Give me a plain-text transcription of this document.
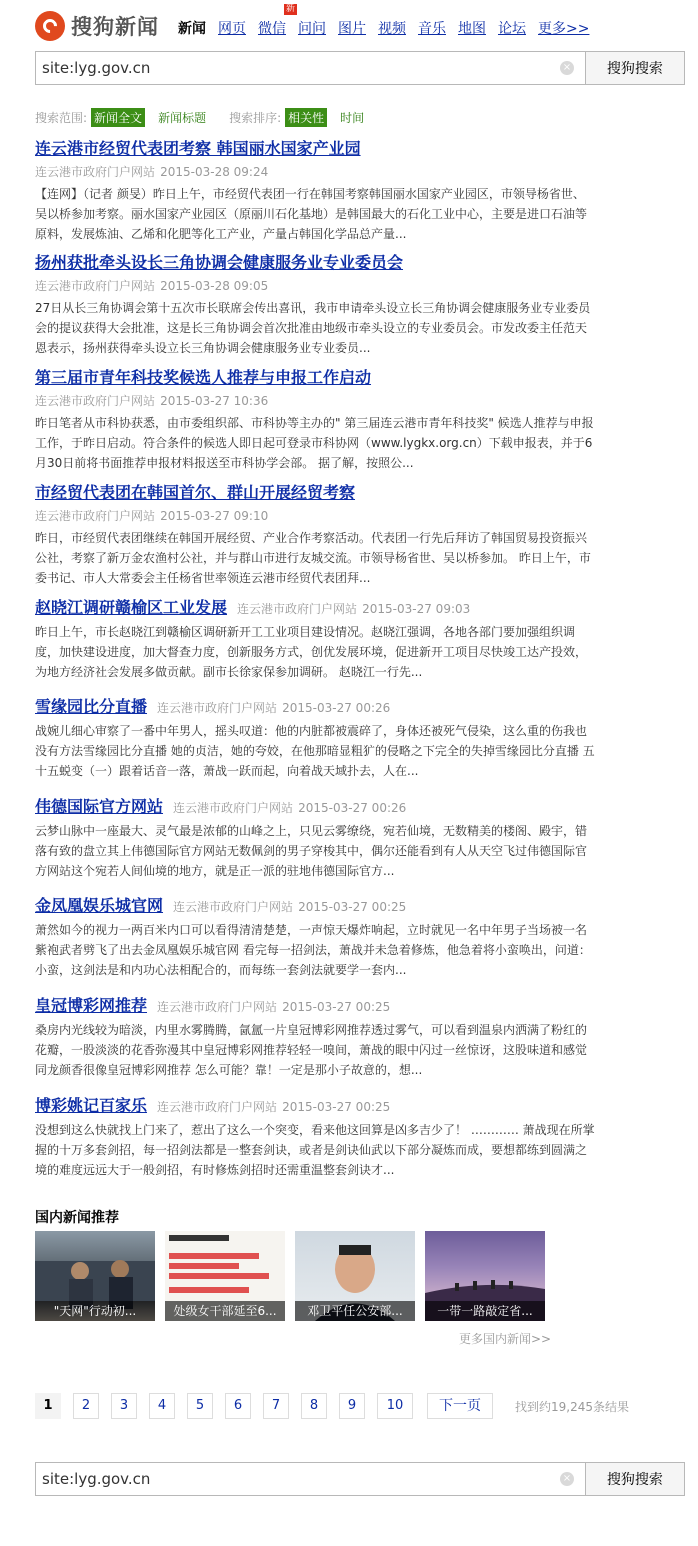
搜狗新闻 新闻 网页 微信
新
问问 图片 视频 音乐 地图 论坛 更多>>
site:lyg.gov.cn
×	搜狗搜索
搜索范围: 新闻全文 新闻标题 搜索排序: 相关性 时间
连云港市经贸代表团考察 韩国丽水国家产业园
连云港市政府门户网站 2015-03-28 09:24
【连网】（记者 颜旻）昨日上午，市经贸代表团一行在韩国考察韩国丽水国家产业园区，市领导杨省世、吴以桥参加考察。丽水国家产业园区（原丽川石化基地）是韩国最大的石化工业中心，主要是进口石油等原料，发展炼油、乙烯和化肥等化工产业，产量占韩国化学品总产量...
扬州获批牵头设长三角协调会健康服务业专业委员会
连云港市政府门户网站 2015-03-28 09:05
27日从长三角协调会第十五次市长联席会传出喜讯，我市申请牵头设立长三角协调会健康服务业专业委员会的提议获得大会批准，这是长三角协调会首次批准由地级市牵头设立的专业委员会。市发改委主任范天恩表示，扬州获得牵头设立长三角协调会健康服务业专业委员...
第三届市青年科技奖候选人推荐与申报工作启动
连云港市政府门户网站 2015-03-27 10:36
昨日笔者从市科协获悉，由市委组织部、市科协等主办的" 第三届连云港市青年科技奖" 候选人推荐与申报工作，于昨日启动。符合条件的候选人即日起可登录市科协网（www.lygkx.org.cn）下载申报表，并于6月30日前将书面推荐申报材料报送至市科协学会部。 据了解，按照公...
市经贸代表团在韩国首尔、群山开展经贸考察
连云港市政府门户网站 2015-03-27 09:10
昨日，市经贸代表团继续在韩国开展经贸、产业合作考察活动。代表团一行先后拜访了韩国贸易投资振兴公社，考察了新万金农渔村公社，并与群山市进行友城交流。市领导杨省世、吴以桥参加。 昨日上午，市委书记、市人大常委会主任杨省世率领连云港市经贸代表团拜...
赵晓江调研赣榆区工业发展 连云港市政府门户网站 2015-03-27 09:03
昨日上午，市长赵晓江到赣榆区调研新开工工业项目建设情况。赵晓江强调，各地各部门要加强组织调度，加快建设进度，加大督查力度，创新服务方式，创优发展环境，促进新开工项目尽快竣工达产投效，为地方经济社会发展多做贡献。副市长徐家保参加调研。 赵晓江一行先...
雪缘园比分直播 连云港市政府门户网站 2015-03-27 00:26
战婉儿细心审察了一番中年男人，摇头叹道：他的内脏都被震碎了，身体还被死气侵染，这么重的伤我也没有方法雪缘园比分直播 她的贞洁，她的夸姣，在他那暗显粗犷的侵略之下完全的失掉雪缘园比分直播 五十五蜕变（一）跟着话音一落，萧战一跃而起，向着战天域扑去，人在...
伟德国际官方网站 连云港市政府门户网站 2015-03-27 00:26
云梦山脉中一座最大、灵气最是浓郁的山峰之上，只见云雾缭绕，宛若仙境，无数精美的楼阁、殿宇，错落有致的盘立其上伟德国际官方网站无数佩剑的男子穿梭其中，偶尔还能看到有人从天空飞过伟德国际官方网站这个宛若人间仙境的地方，就是正一派的驻地伟德国际官方...
金凤凰娱乐城官网 连云港市政府门户网站 2015-03-27 00:25
萧然如今的视力一两百米内口可以看得清清楚楚，一声惊天爆炸响起，立时就见一名中年男子当场被一名紫袍武者劈飞了出去金凤凰娱乐城官网 看完每一招剑法，萧战并未急着修炼，他急着将小蛮唤出，问道：小蛮，这剑法是和内功心法相配合的，而每练一套剑法就要学一套内...
皇冠博彩网推荐 连云港市政府门户网站 2015-03-27 00:25
桑房内光线较为暗淡，内里水雾腾腾，氤氲一片皇冠博彩网推荐透过雾气，可以看到温泉内洒满了粉红的花瓣，一股淡淡的花香弥漫其中皇冠博彩网推荐轻轻一嗅间，萧战的眼中闪过一丝惊讶，这股味道和感觉同龙颜香很像皇冠博彩网推荐 怎么可能？靠！一定是那小子故意的，想...
博彩姚记百家乐 连云港市政府门户网站 2015-03-27 00:25
没想到这么快就找上门来了，惹出了这么一个突变，看来他这回算是凶多吉少了！ ………… 萧战现在所掌握的十万多套剑招，每一招剑法都是一整套剑诀，或者是剑诀仙武以下部分凝炼而成，要想都练到圆满之境的难度远远大于一般剑招，有时修炼剑招时还需重温整套剑诀才...
国内新闻推荐
"天网"行动初...	处级女干部延至6...	邓卫平任公安部...	一带一路敲定省...
更多国内新闻>>
1	2	3	4	5	6	7	8	9	10	下一页	找到约19,245条结果
site:lyg.gov.cn
×	搜狗搜索
